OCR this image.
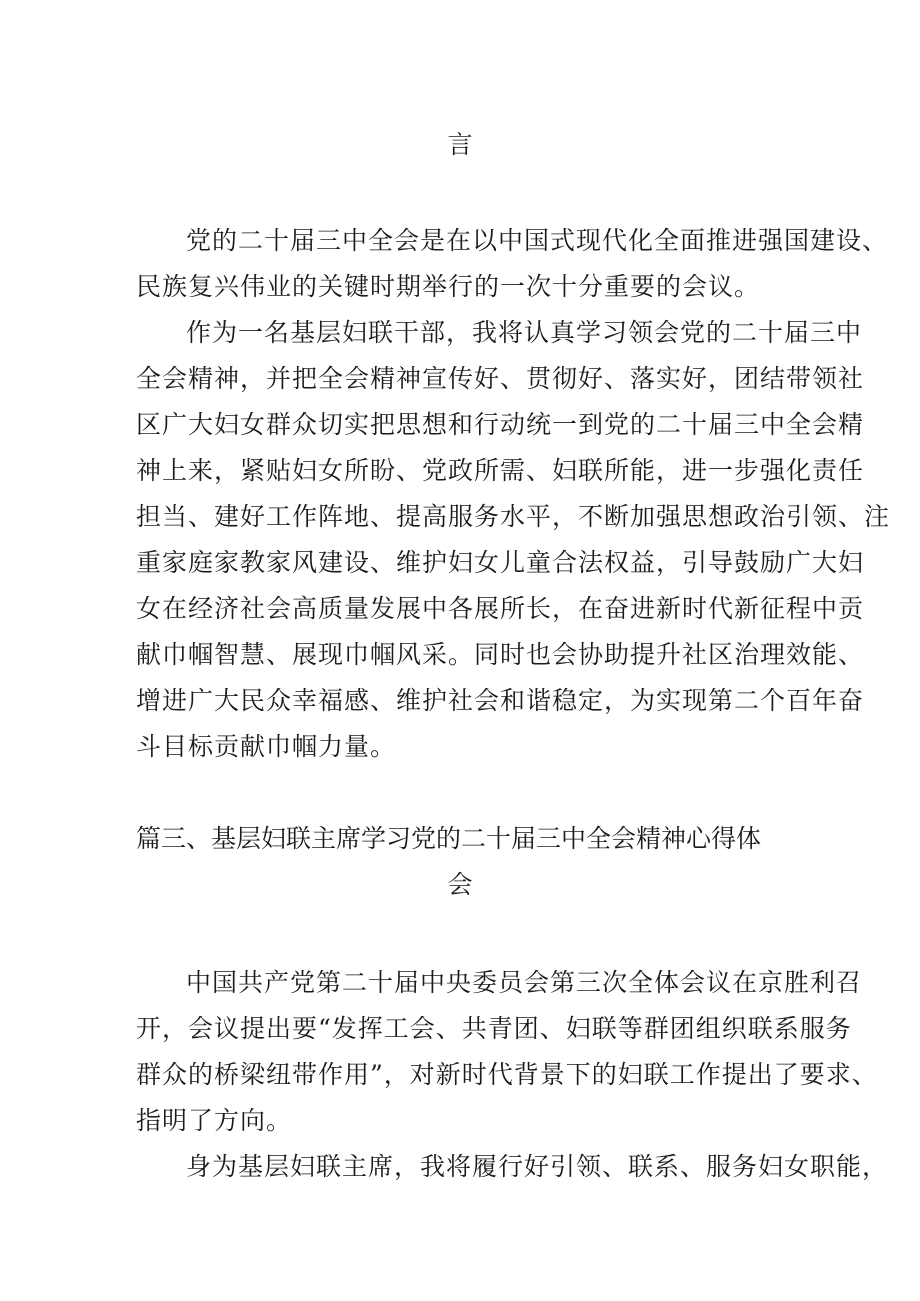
言
党的二十届三中全会是在以中国式现代化全面推进强国建设、
民族复兴伟业的关键时期举行的一次十分重要的会议。
作为一名基层妇联干部，我将认真学习领会党的二十届三中
全会精神，并把全会精神宣传好、贯彻好、落实好，团结带领社
区广大妇女群众切实把思想和行动统一到党的二十届三中全会精
神上来，紧贴妇女所盼、党政所需、妇联所能，进一步强化责任
担当、建好工作阵地、提高服务水平，不断加强思想政治引领、注
重家庭家教家风建设、维护妇女儿童合法权益，引导鼓励广大妇
女在经济社会高质量发展中各展所长，在奋进新时代新征程中贡
献巾帼智慧、展现巾帼风采。同时也会协助提升社区治理效能、
增进广大民众幸福感、维护社会和谐稳定，为实现第二个百年奋
斗目标贡献巾帼力量。
篇三、基层妇联主席学习党的二十届三中全会精神心得体
会
中国共产党第二十届中央委员会第三次全体会议在京胜利召
开，会议提出要“发挥工会、共青团、妇联等群团组织联系服务
群众的桥梁纽带作用”，对新时代背景下的妇联工作提出了要求、
指明了方向。
身为基层妇联主席，我将履行好引领、联系、服务妇女职能，
